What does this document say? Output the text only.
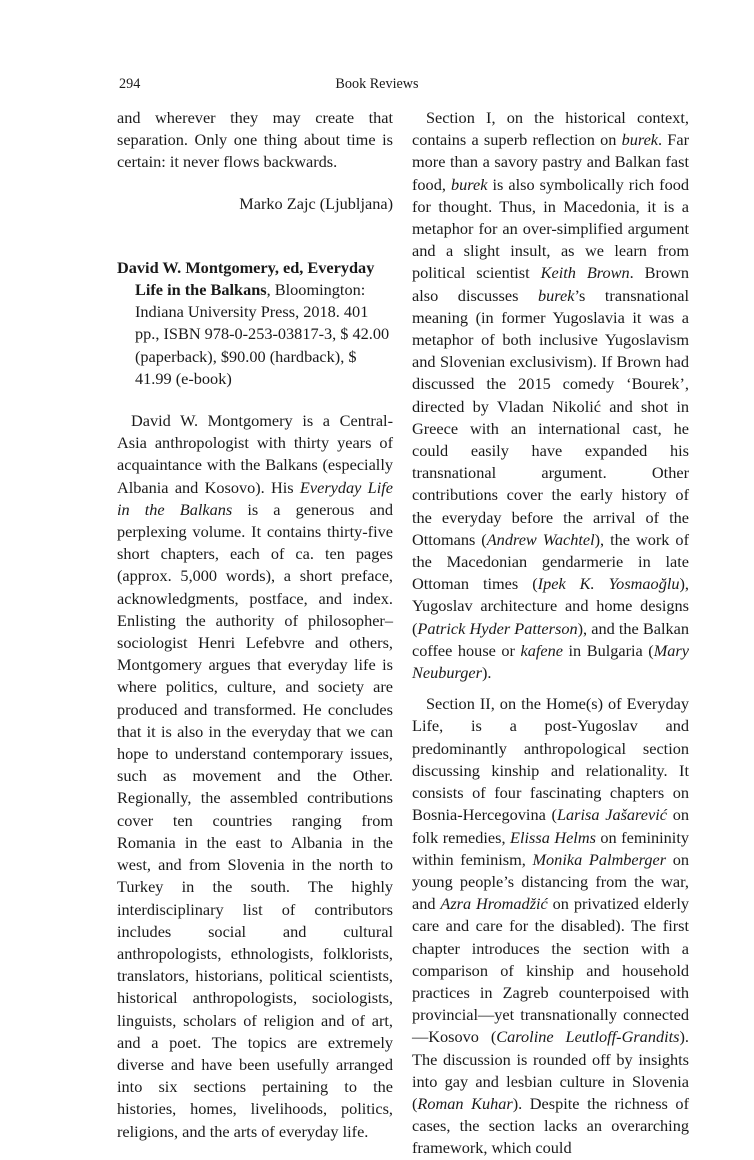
294	Book Reviews

and wherever they may create that separation. Only one thing about time is certain: it never flows backwards.

Marko Zajc (Ljubljana)

David W. Montgomery, ed, Everyday Life in the Balkans, Bloomington: Indiana University Press, 2018. 401 pp., ISBN 978-0-253-03817-3, $ 42.00 (paperback), $90.00 (hardback), $ 41.99 (e-book)

David W. Montgomery is a Central-Asia anthropologist with thirty years of acquaintance with the Balkans (especially Albania and Kosovo). His Everyday Life in the Balkans is a generous and perplexing volume. It contains thirty-five short chapters, each of ca. ten pages (approx. 5,000 words), a short preface, acknowledgments, postface, and index. Enlisting the authority of philosopher–sociologist Henri Lefebvre and others, Montgomery argues that everyday life is where politics, culture, and society are produced and transformed. He concludes that it is also in the everyday that we can hope to understand contemporary issues, such as movement and the Other. Regionally, the assembled contributions cover ten countries ranging from Romania in the east to Albania in the west, and from Slovenia in the north to Turkey in the south. The highly interdisciplinary list of contributors includes social and cultural anthropologists, ethnologists, folklorists, translators, historians, political scientists, historical anthropologists, sociologists, linguists, scholars of religion and of art, and a poet. The topics are extremely diverse and have been usefully arranged into six sections pertaining to the histories, homes, livelihoods, politics, religions, and the arts of everyday life.

Section I, on the historical context, contains a superb reflection on burek. Far more than a savory pastry and Balkan fast food, burek is also symbolically rich food for thought. Thus, in Macedonia, it is a metaphor for an over-simplified argument and a slight insult, as we learn from political scientist Keith Brown. Brown also discusses burek’s transnational meaning (in former Yugoslavia it was a metaphor of both inclusive Yugoslavism and Slovenian exclusivism). If Brown had discussed the 2015 comedy ‘Bourek’, directed by Vladan Nikolić and shot in Greece with an international cast, he could easily have expanded his transnational argument. Other contributions cover the early history of the everyday before the arrival of the Ottomans (Andrew Wachtel), the work of the Macedonian gendarmerie in late Ottoman times (Ipek K. Yosmaoğlu), Yugoslav architecture and home designs (Patrick Hyder Patterson), and the Balkan coffee house or kafene in Bulgaria (Mary Neuburger).

Section II, on the Home(s) of Everyday Life, is a post-Yugoslav and predominantly anthropological section discussing kinship and relationality. It consists of four fascinating chapters on Bosnia-Hercegovina (Larisa Jašarević on folk remedies, Elissa Helms on femininity within feminism, Monika Palmberger on young people’s distancing from the war, and Azra Hromadžić on privatized elderly care and care for the disabled). The first chapter introduces the section with a comparison of kinship and household practices in Zagreb counterpoised with provincial—yet transnationally connected—Kosovo (Caroline Leutloff-Grandits). The discussion is rounded off by insights into gay and lesbian culture in Slovenia (Roman Kuhar). Despite the richness of cases, the section lacks an overarching framework, which could
